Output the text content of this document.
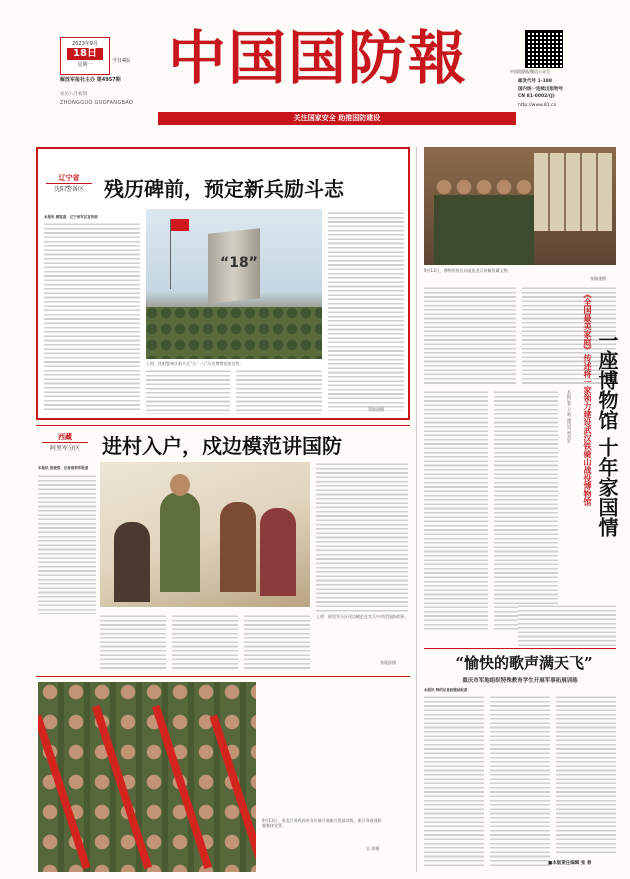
2023年9月
18日
星期一
今日4版
解放军报社主办 第4957期
农历八月初四
ZHONGGUO GUOFANGBAO
中国国防報
关注国家安全 助推国防建设
中国国防报微信公众号
邮发代号 1-188
国内统一连续出版物号
CN 81-0002/(J)
http://www.81.cn
辽宁省
沈阳警备区	残历碑前，预定新兵励斗志
本报讯 蔡铭道、辽宁省军区宣传部
“18”
上图：沈阳警备区新兵在“九·一八”历史博物馆前宣誓。
蔡铭道摄
西藏
阿里军分区	进村入户，戍边模范讲国防
本报讯 张俊滨、记者周利军报道
上图：阿里军分区戍边模范在官兵中讲述国防故事。
张俊滨摄
9月13日，黑龙江省鸡西市各乡镇开展新兵役前训练，新兵身着迷彩服集体宣誓。
吴 琼摄
9月13日，博物馆馆长向退伍老兵讲解馆藏文物。
张翰建摄
《全国最美家庭》传述将一家领力建设武汉铁骑山战役博物馆 一座博物馆 十年家国情
本报记者 卫 鸣 通讯员 周杰宏
“愉快的歌声满天飞”
重庆市军地组织特殊教育学生开展军事拓展训练
本报讯 特约记者赵德昌报道
■本版责任编辑 张 普
